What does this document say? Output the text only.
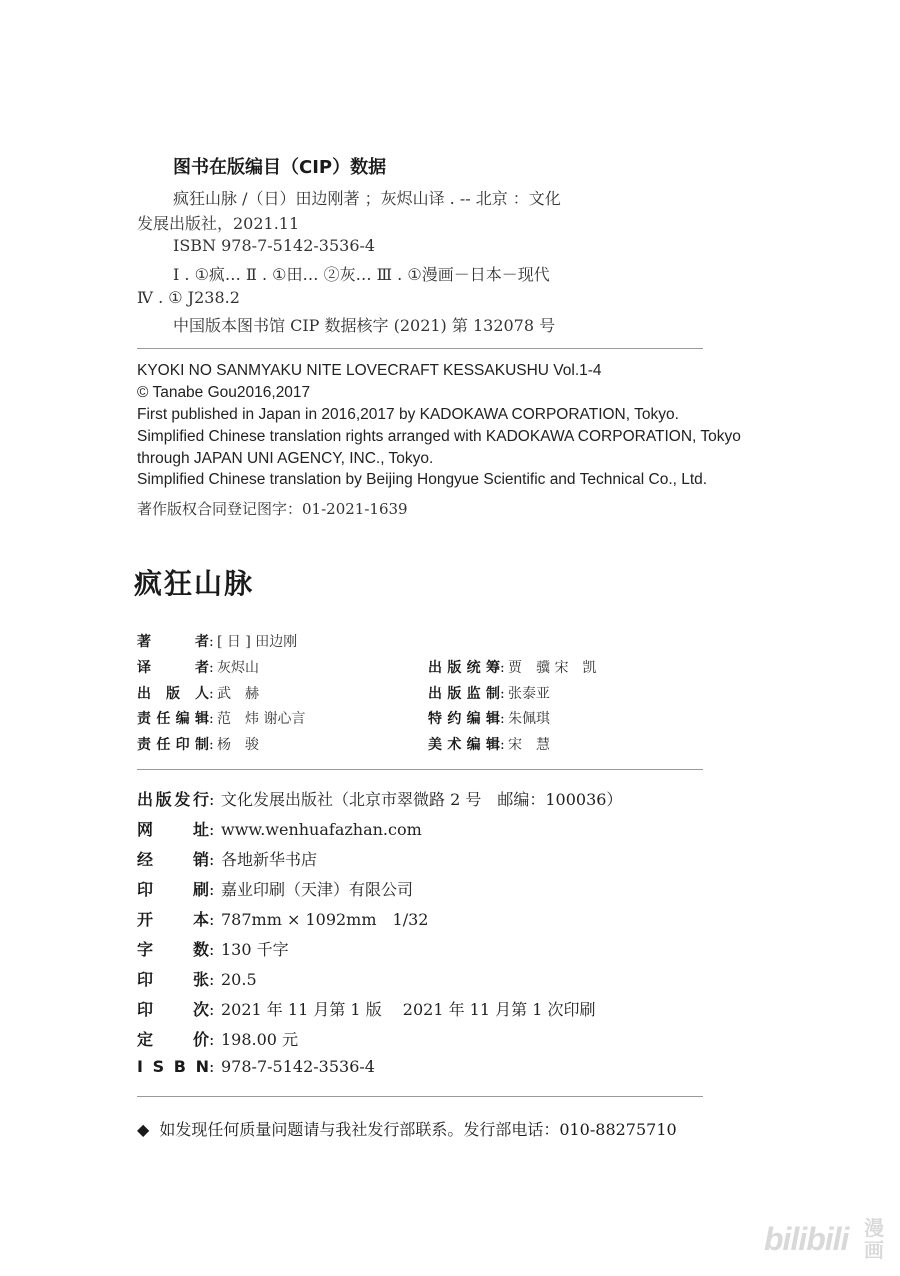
图书在版编目（CIP）数据
疯狂山脉 /（日）田边刚著 ；灰烬山译 . -- 北京 ：文化
发展出版社，2021.11
ISBN 978-7-5142-3536-4
Ⅰ . ①疯… Ⅱ . ①田… ②灰… Ⅲ . ①漫画－日本－现代
Ⅳ . ① J238.2
中国版本图书馆 CIP 数据核字 (2021) 第 132078 号
KYOKI NO SANMYAKU NITE LOVECRAFT KESSAKUSHU Vol.1-4
© Tanabe Gou2016,2017
First published in Japan in 2016,2017 by KADOKAWA CORPORATION, Tokyo.
Simplified Chinese translation rights arranged with KADOKAWA CORPORATION, Tokyo
through JAPAN UNI AGENCY, INC., Tokyo.
Simplified Chinese translation by Beijing Hongyue Scientific and Technical Co., Ltd.
著作版权合同登记图字：01-2021-1639
疯狂山脉
著　　者: [ 日 ] 田边刚
译　　者: 灰烬山
出 版 人: 武　赫
责任编辑: 范　炜 谢心言
责任印制: 杨　骏
出版统筹: 贾　骥 宋　凯
出版监制: 张泰亚
特约编辑: 朱佩琪
美术编辑: 宋　慧
出版发行: 文化发展出版社（北京市翠微路 2 号　邮编：100036）
网　　址: www.wenhuafazhan.com
经　　销: 各地新华书店
印　　刷: 嘉业印刷（天津）有限公司
开　　本: 787mm × 1092mm　1/32
字　　数: 130 千字
印　　张: 20.5
印　　次: 2021 年 11 月第 1 版　 2021 年 11 月第 1 次印刷
定　　价: 198.00 元
I S B N: 978-7-5142-3536-4
◆ 如发现任何质量问题请与我社发行部联系。发行部电话：010-88275710
bilibili 漫画
